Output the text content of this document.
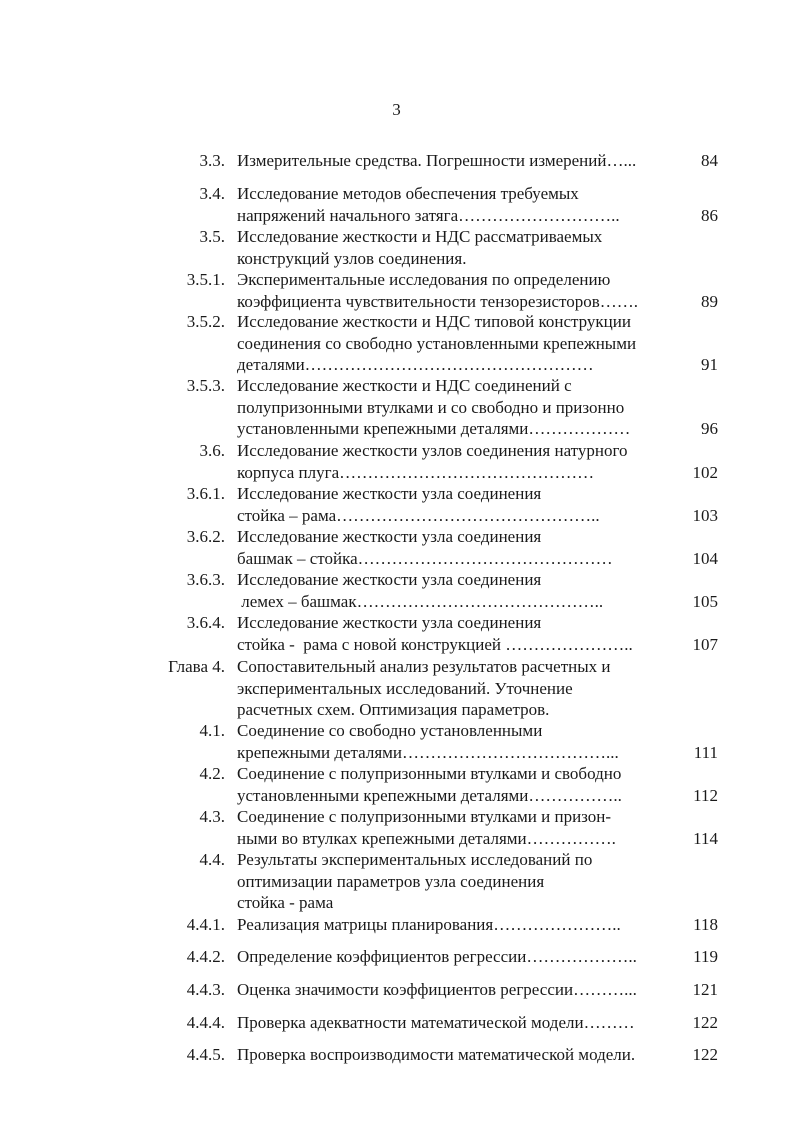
3
3.3. Измерительные средства. Погрешности измерений…...	84
3.4. Исследование методов обеспечения требуемых
напряжений начального затяга………………………..	86
3.5. Исследование жесткости и НДС рассматриваемых
конструкций узлов соединения.
3.5.1. Экспериментальные исследования по определению
коэффициента чувствительности тензорезисторов…….	89
3.5.2. Исследование жесткости и НДС типовой конструкции
соединения со свободно установленными крепежными
деталями……………………………………………	91
3.5.3. Исследование жесткости и НДС соединений с
полупризонными втулками и со свободно и призонно
установленными крепежными деталями………………	96
3.6. Исследование жесткости узлов соединения натурного
корпуса плуга………………………………………	102
3.6.1. Исследование жесткости узла соединения
стойка – рама………………………………………..	103
3.6.2. Исследование жесткости узла соединения
башмак – стойка………………………………………	104
3.6.3. Исследование жесткости узла соединения
лемех – башмак……………………………………..	105
3.6.4. Исследование жесткости узла соединения
стойка -  рама с новой конструкцией …………………..	107
Глава 4. Сопоставительный анализ результатов расчетных и
экспериментальных исследований. Уточнение
расчетных схем. Оптимизация параметров.
4.1. Соединение со свободно установленными
крепежными деталями………………………………...	111
4.2. Соединение с полупризонными втулками и свободно
установленными крепежными деталями……………..	112
4.3. Соединение с полупризонными втулками и призон-
ными во втулках крепежными деталями…………….	114
4.4. Результаты экспериментальных исследований по
оптимизации параметров узла соединения
стойка - рама
4.4.1. Реализация матрицы планирования…………………..	118
4.4.2. Определение коэффициентов регрессии………………..	119
4.4.3. Оценка значимости коэффициентов регрессии………...	121
4.4.4. Проверка адекватности математической модели………	122
4.4.5. Проверка воспроизводимости математической модели.	122
